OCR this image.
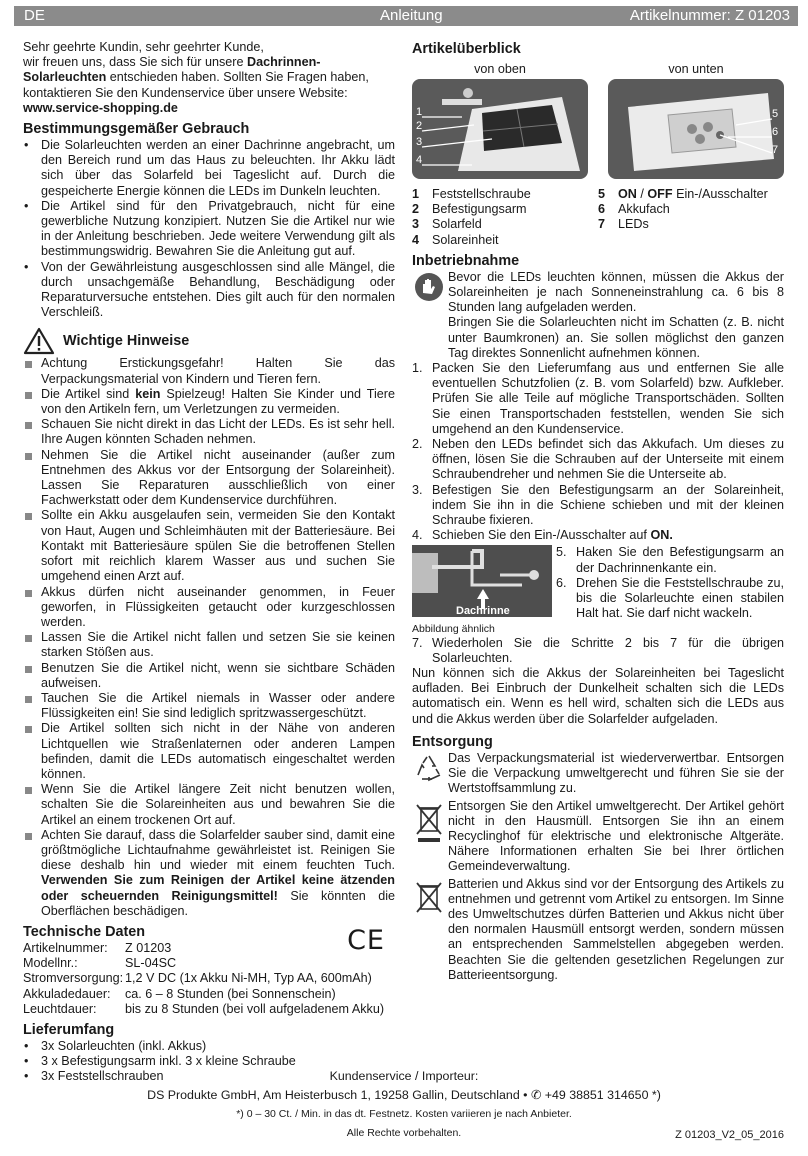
DE	Anleitung	Artikelnummer: Z 01203

Sehr geehrte Kundin, sehr geehrter Kunde,

wir freuen uns, dass Sie sich für unsere Dachrinnen-Solarleuchten entschieden haben. Sollten Sie Fragen haben, kontaktieren Sie den Kundenservice über unsere Website: www.service-shopping.de

Bestimmungsgemäßer Gebrauch
• Die Solarleuchten werden an einer Dachrinne angebracht, um den Bereich rund um das Haus zu beleuchten. Ihr Akku lädt sich über das Solarfeld bei Tageslicht auf. Durch die gespeicherte Energie können die LEDs im Dunkeln leuchten.
• Die Artikel sind für den Privatgebrauch, nicht für eine gewerbliche Nutzung konzipiert. Nutzen Sie die Artikel nur wie in der Anleitung beschrieben. Jede weitere Verwendung gilt als bestimmungswidrig. Bewahren Sie die Anleitung gut auf.
• Von der Gewährleistung ausgeschlossen sind alle Mängel, die durch unsachgemäße Behandlung, Beschädigung oder Reparaturversuche entstehen. Dies gilt auch für den normalen Verschleiß.
Wichtige Hinweise
Achtung Erstickungsgefahr! Halten Sie das Verpackungsmaterial von Kindern und Tieren fern.
Die Artikel sind kein Spielzeug! Halten Sie Kinder und Tiere von den Artikeln fern, um Verletzungen zu vermeiden.
Schauen Sie nicht direkt in das Licht der LEDs. Es ist sehr hell. Ihre Augen könnten Schaden nehmen.
Nehmen Sie die Artikel nicht auseinander (außer zum Entnehmen des Akkus vor der Entsorgung der Solareinheit). Lassen Sie Reparaturen ausschließlich von einer Fachwerkstatt oder dem Kundenservice durchführen.
Sollte ein Akku ausgelaufen sein, vermeiden Sie den Kontakt von Haut, Augen und Schleimhäuten mit der Batteriesäure. Bei Kontakt mit Batteriesäure spülen Sie die betroffenen Stellen sofort mit reichlich klarem Wasser aus und suchen Sie umgehend einen Arzt auf.
Akkus dürfen nicht auseinander genommen, in Feuer geworfen, in Flüssigkeiten getaucht oder kurzgeschlossen werden.
Lassen Sie die Artikel nicht fallen und setzen Sie sie keinen starken Stößen aus.
Benutzen Sie die Artikel nicht, wenn sie sichtbare Schäden aufweisen.
Tauchen Sie die Artikel niemals in Wasser oder andere Flüssigkeiten ein! Sie sind lediglich spritzwassergeschützt.
Die Artikel sollten sich nicht in der Nähe von anderen Lichtquellen wie Straßenlaternen oder anderen Lampen befinden, damit die LEDs automatisch eingeschaltet werden können.
Wenn Sie die Artikel längere Zeit nicht benutzen wollen, schalten Sie die Solareinheiten aus und bewahren Sie die Artikel an einem trockenen Ort auf.
Achten Sie darauf, dass die Solarfelder sauber sind, damit eine größtmögliche Lichtaufnahme gewährleistet ist. Reinigen Sie diese deshalb hin und wieder mit einem feuchten Tuch. Verwenden Sie zum Reinigen der Artikel keine ätzenden oder scheuernden Reinigungsmittel! Sie könnten die Oberflächen beschädigen.
Technische Daten	CE
Artikelnummer:	Z 01203
Modellnr.:	SL-04SC
Stromversorgung: 1,2 V DC (1x Akku Ni-MH, Typ AA, 600mAh)
Akkuladedauer:	ca. 6 – 8 Stunden (bei Sonnenschein)
Leuchtdauer:	bis zu 8 Stunden (bei voll aufgeladenem Akku)
Lieferumfang
• 3x Solarleuchten (inkl. Akkus)
• 3 x Befestigungsarm inkl. 3 x kleine Schraube
• 3x Feststellschrauben
Artikelüberblick
von oben
1
2
3
4
von unten
5
6
7
1	Feststellschraube	5	ON / OFF Ein-/Ausschalter
2	Befestigungsarm	6	Akkufach
3	Solarfeld	7	LEDs
4	Solareinheit
Inbetriebnahme

Bevor die LEDs leuchten können, müssen die Akkus der Solareinheiten je nach Sonneneinstrahlung ca. 6 bis 8 Stunden lang aufgeladen werden.

Bringen Sie die Solarleuchten nicht im Schatten (z. B. nicht unter Baumkronen) an. Sie sollen möglichst den ganzen Tag direktes Sonnenlicht aufnehmen können.

1. Packen Sie den Lieferumfang aus und entfernen Sie alle eventuellen Schutzfolien (z. B. vom Solarfeld) bzw. Aufkleber. Prüfen Sie alle Teile auf mögliche Transportschäden. Sollten Sie einen Transportschaden feststellen, wenden Sie sich umgehend an den Kundenservice.
2. Neben den LEDs befindet sich das Akkufach. Um dieses zu öffnen, lösen Sie die Schrauben auf der Unterseite mit einem Schraubendreher und nehmen Sie die Unterseite ab.
3. Befestigen Sie den Befestigungsarm an der Solareinheit, indem Sie ihn in die Schiene schieben und mit der kleinen Schraube fixieren.
4. Schieben Sie den Ein-/Ausschalter auf ON.
Dachrinne
Abbildung ähnlich
5. Haken Sie den Befestigungsarm an der Dachrinnenkante ein.
6. Drehen Sie die Feststellschraube zu, bis die Solarleuchte einen stabilen Halt hat. Sie darf nicht wackeln.
7. Wiederholen Sie die Schritte 2 bis 7 für die übrigen Solarleuchten.

Nun können sich die Akkus der Solareinheiten bei Tageslicht aufladen. Bei Einbruch der Dunkelheit schalten sich die LEDs automatisch ein. Wenn es hell wird, schalten sich die LEDs aus und die Akkus werden über die Solarfelder aufgeladen.

Entsorgung

Das Verpackungsmaterial ist wiederverwertbar. Entsorgen Sie die Verpackung umweltgerecht und führen Sie sie der Wertstoffsammlung zu.

Entsorgen Sie den Artikel umweltgerecht. Der Artikel gehört nicht in den Hausmüll. Entsorgen Sie ihn an einem Recyclinghof für elektrische und elektronische Altgeräte. Nähere Informationen erhalten Sie bei Ihrer örtlichen Gemeindeverwaltung.

Batterien und Akkus sind vor der Entsorgung des Artikels zu entnehmen und getrennt vom Artikel zu entsorgen. Im Sinne des Umweltschutzes dürfen Batterien und Akkus nicht über den normalen Hausmüll entsorgt werden, sondern müssen an entsprechenden Sammelstellen abgegeben werden. Beachten Sie die geltenden gesetzlichen Regelungen zur Batterieentsorgung.

Kundenservice / Importeur:
DS Produkte GmbH, Am Heisterbusch 1, 19258 Gallin, Deutschland • ✆ +49 38851 314650 *)
*) 0 – 30 Ct. / Min. in das dt. Festnetz. Kosten variieren je nach Anbieter.
Alle Rechte vorbehalten.	Z 01203_V2_05_2016
